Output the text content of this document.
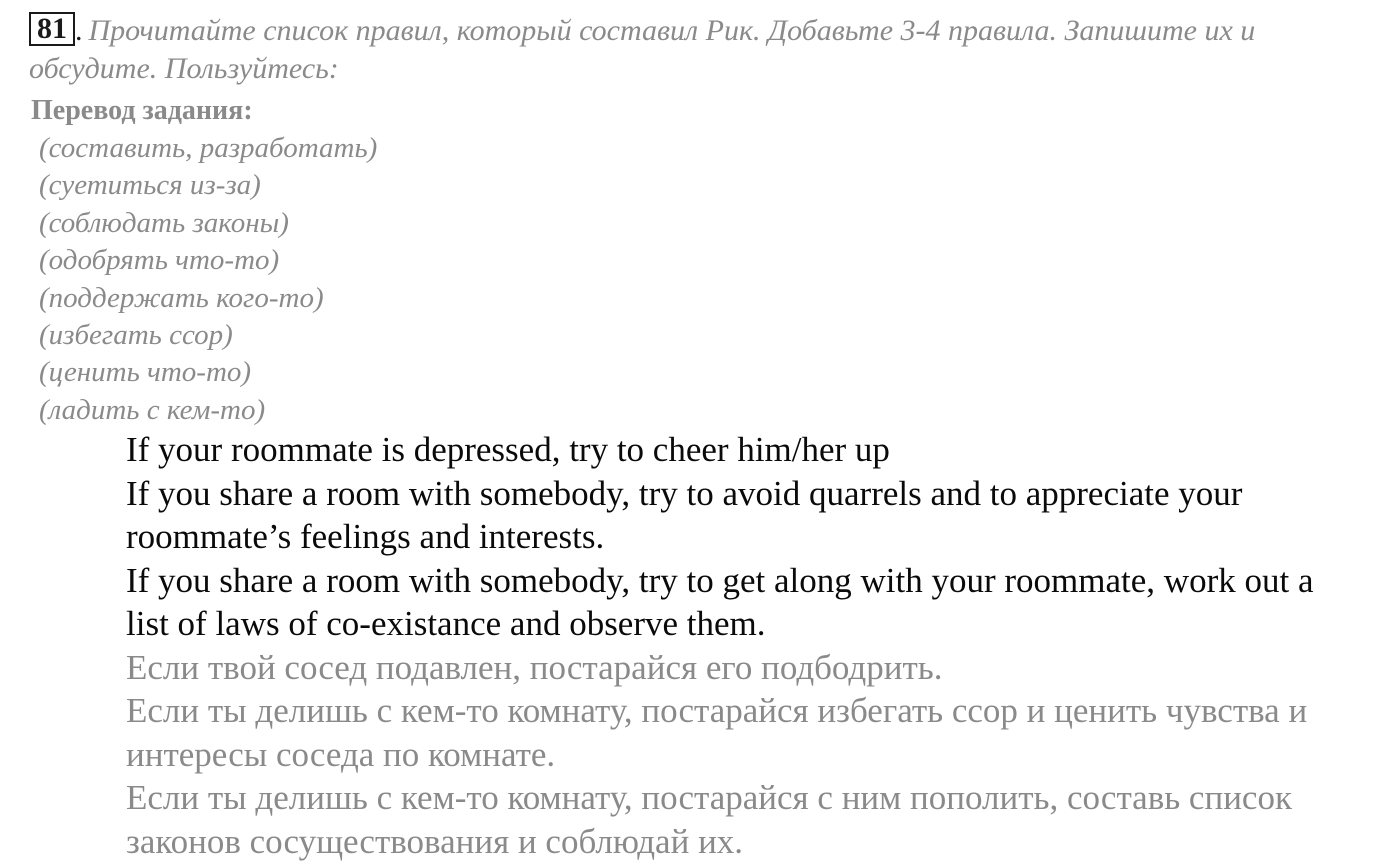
81 . Прочитайте список правил, который составил Рик. Добавьте 3-4 правила. Запишите их и обсудите. Пользуйтесь:
Перевод задания:
(составить, разработать)
(суетиться из-за)
(соблюдать законы)
(одобрять что-то)
(поддержать кого-то)
(избегать ссор)
(ценить что-то)
(ладить с кем-то)

If your roommate is depressed, try to cheer him/her up

If you share a room with somebody, try to avoid quarrels and to appreciate your roommate’s feelings and interests.

If you share a room with somebody, try to get along with your roommate, work out a list of laws of co-existance and observe them.

Если твой сосед подавлен, постарайся его подбодрить.

Если ты делишь с кем-то комнату, постарайся избегать ссор и ценить чувства и интересы соседа по комнате.

Если ты делишь с кем-то комнату, постарайся с ним пополить, составь список законов сосуществования и соблюдай их.
